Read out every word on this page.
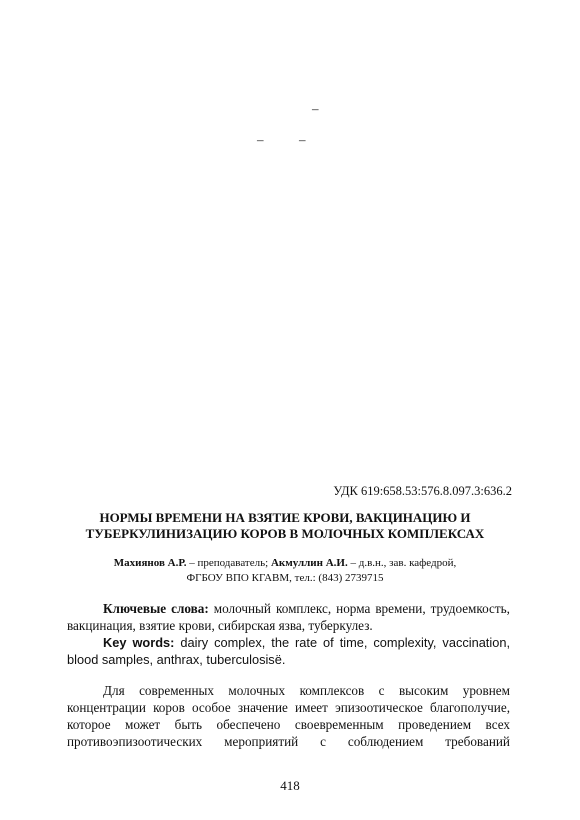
–
–	–
УДК 619:658.53:576.8.097.3:636.2
НОРМЫ ВРЕМЕНИ НА ВЗЯТИЕ КРОВИ, ВАКЦИНАЦИЮ И
ТУБЕРКУЛИНИЗАЦИЮ КОРОВ В МОЛОЧНЫХ КОМПЛЕКСАХ
Махиянов А.Р. – преподаватель; Акмуллин А.И. – д.в.н., зав. кафедрой,
ФГБОУ ВПО КГАВМ, тел.: (843) 2739715

Ключевые слова: молочный комплекс, норма времени, трудоемкость, вакцинация, взятие крови, сибирская язва, туберкулез.

Key words: dairy complex, the rate of time, complexity, vaccination, blood samples, anthrax, tuberculosisë.

Для современных молочных комплексов с высоким уровнем
концентрации коров особое значение имеет эпизоотическое благополучие,
которое может быть обеспечено своевременным проведением всех
противоэпизоотических мероприятий с соблюдением требований
418
